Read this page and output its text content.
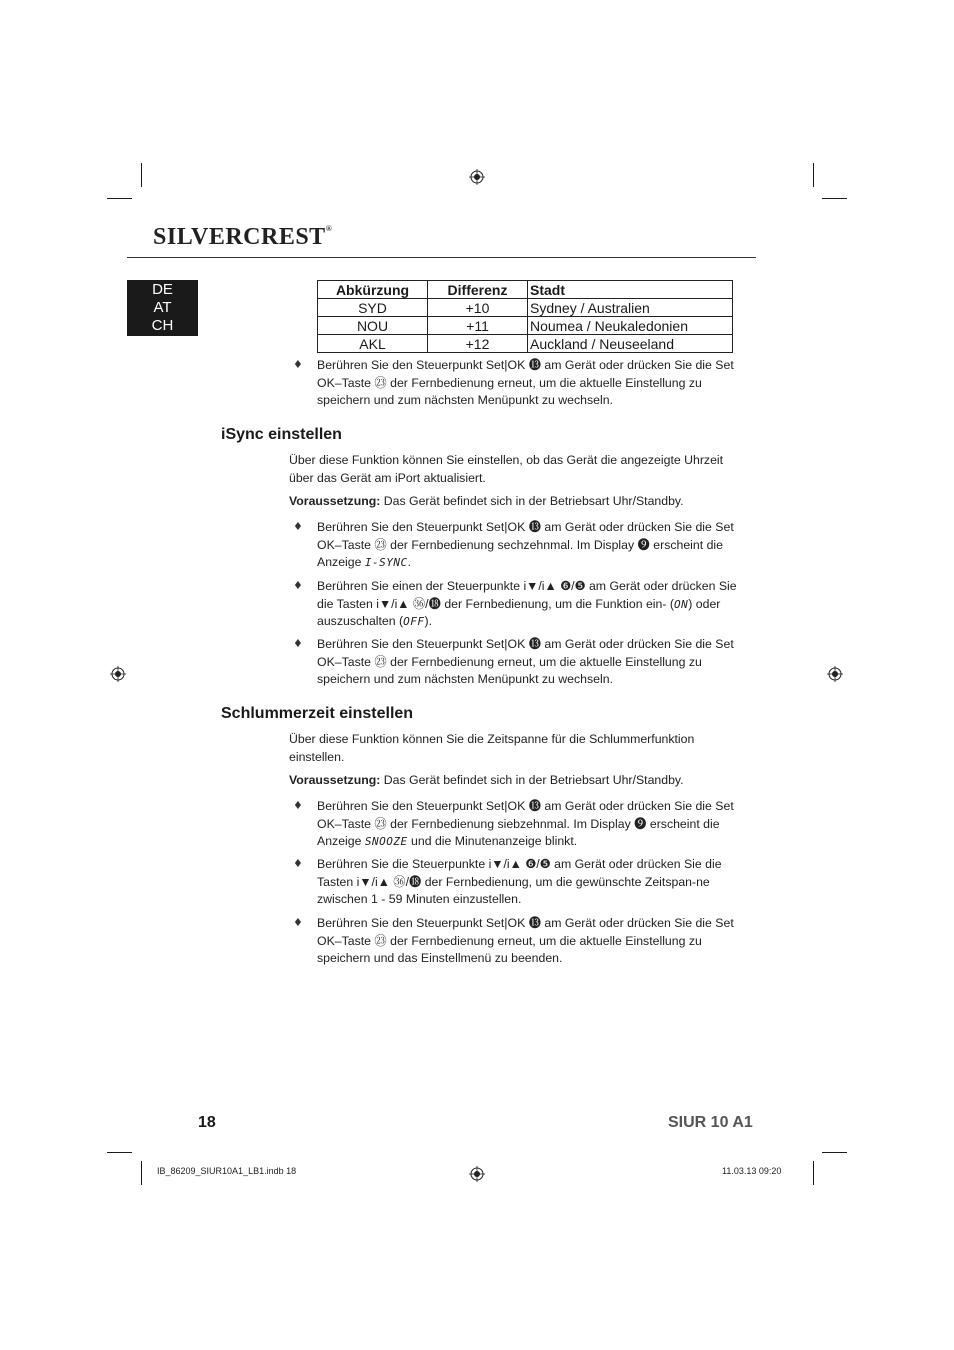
SILVERCREST®
DE
AT
CH
Abkürzung	Differenz	Stadt
SYD	+10	Sydney / Australien
NOU	+11	Noumea / Neukaledonien
AKL	+12	Auckland / Neuseeland
♦ Berühren Sie den Steuerpunkt Set|OK ⓭ am Gerät oder drücken Sie die Set OK–Taste ㉓ der Fernbedienung erneut, um die aktuelle Einstellung zu speichern und zum nächsten Menüpunkt zu wechseln.
iSync einstellen
Über diese Funktion können Sie einstellen, ob das Gerät die angezeigte Uhrzeit über das Gerät am iPort aktualisiert.
Voraussetzung: Das Gerät befindet sich in der Betriebsart Uhr/Standby.
♦ Berühren Sie den Steuerpunkt Set|OK ⓭ am Gerät oder drücken Sie die Set OK–Taste ㉓ der Fernbedienung sechzehnmal. Im Display ❾ erscheint die Anzeige I-SYNC.
♦ Berühren Sie einen der Steuerpunkte i▼/i▲ ❻/❺ am Gerät oder drücken Sie die Tasten i▼/i▲ ㊱/⓲ der Fernbedienung, um die Funktion ein- (ON) oder auszuschalten (OFF).
♦ Berühren Sie den Steuerpunkt Set|OK ⓭ am Gerät oder drücken Sie die Set OK–Taste ㉓ der Fernbedienung erneut, um die aktuelle Einstellung zu speichern und zum nächsten Menüpunkt zu wechseln.
Schlummerzeit einstellen
Über diese Funktion können Sie die Zeitspanne für die Schlummerfunktion einstellen.
Voraussetzung: Das Gerät befindet sich in der Betriebsart Uhr/Standby.
♦ Berühren Sie den Steuerpunkt Set|OK ⓭ am Gerät oder drücken Sie die Set OK–Taste ㉓ der Fernbedienung siebzehnmal. Im Display ❾ erscheint die Anzeige SNOOZE und die Minutenanzeige blinkt.
♦ Berühren Sie die Steuerpunkte i▼/i▲ ❻/❺ am Gerät oder drücken Sie die Tasten i▼/i▲ ㊱/⓲ der Fernbedienung, um die gewünschte Zeitspan-ne zwischen 1 - 59 Minuten einzustellen.
♦ Berühren Sie den Steuerpunkt Set|OK ⓭ am Gerät oder drücken Sie die Set OK–Taste ㉓ der Fernbedienung erneut, um die aktuelle Einstellung zu speichern und das Einstellmenü zu beenden.
18	SIUR 10 A1
IB_86209_SIUR10A1_LB1.indb 18	11.03.13 09:20
